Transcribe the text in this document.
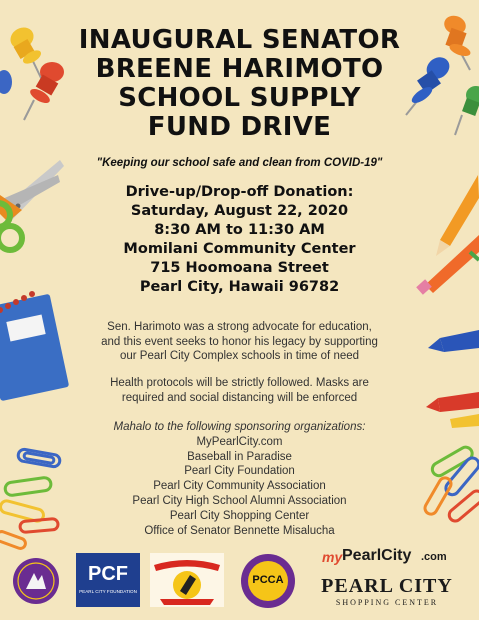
INAUGURAL SENATOR
BREENE HARIMOTO
SCHOOL SUPPLY
FUND DRIVE
"Keeping our school safe and clean from COVID-19"
Drive-up/Drop-off Donation:
Saturday, August 22, 2020
8:30 AM to 11:30 AM
Momilani Community Center
715 Hoomoana Street
Pearl City, Hawaii 96782
Sen. Harimoto was a strong advocate for education,
and this event seeks to honor his legacy by supporting
our Pearl City Complex schools in time of need
Health protocols will be strictly followed. Masks are
required and social distancing will be enforced
Mahalo to the following sponsoring organizations:
MyPearlCity.com
Baseball in Paradise
Pearl City Foundation
Pearl City Community Association
Pearl City High School Alumni Association
Pearl City Shopping Center
Office of Senator Bennette Misalucha
PCF
PEARL CITY FOUNDATION
PCCA
my PearlCity .com
PEARL CITY
SHOPPING CENTER
